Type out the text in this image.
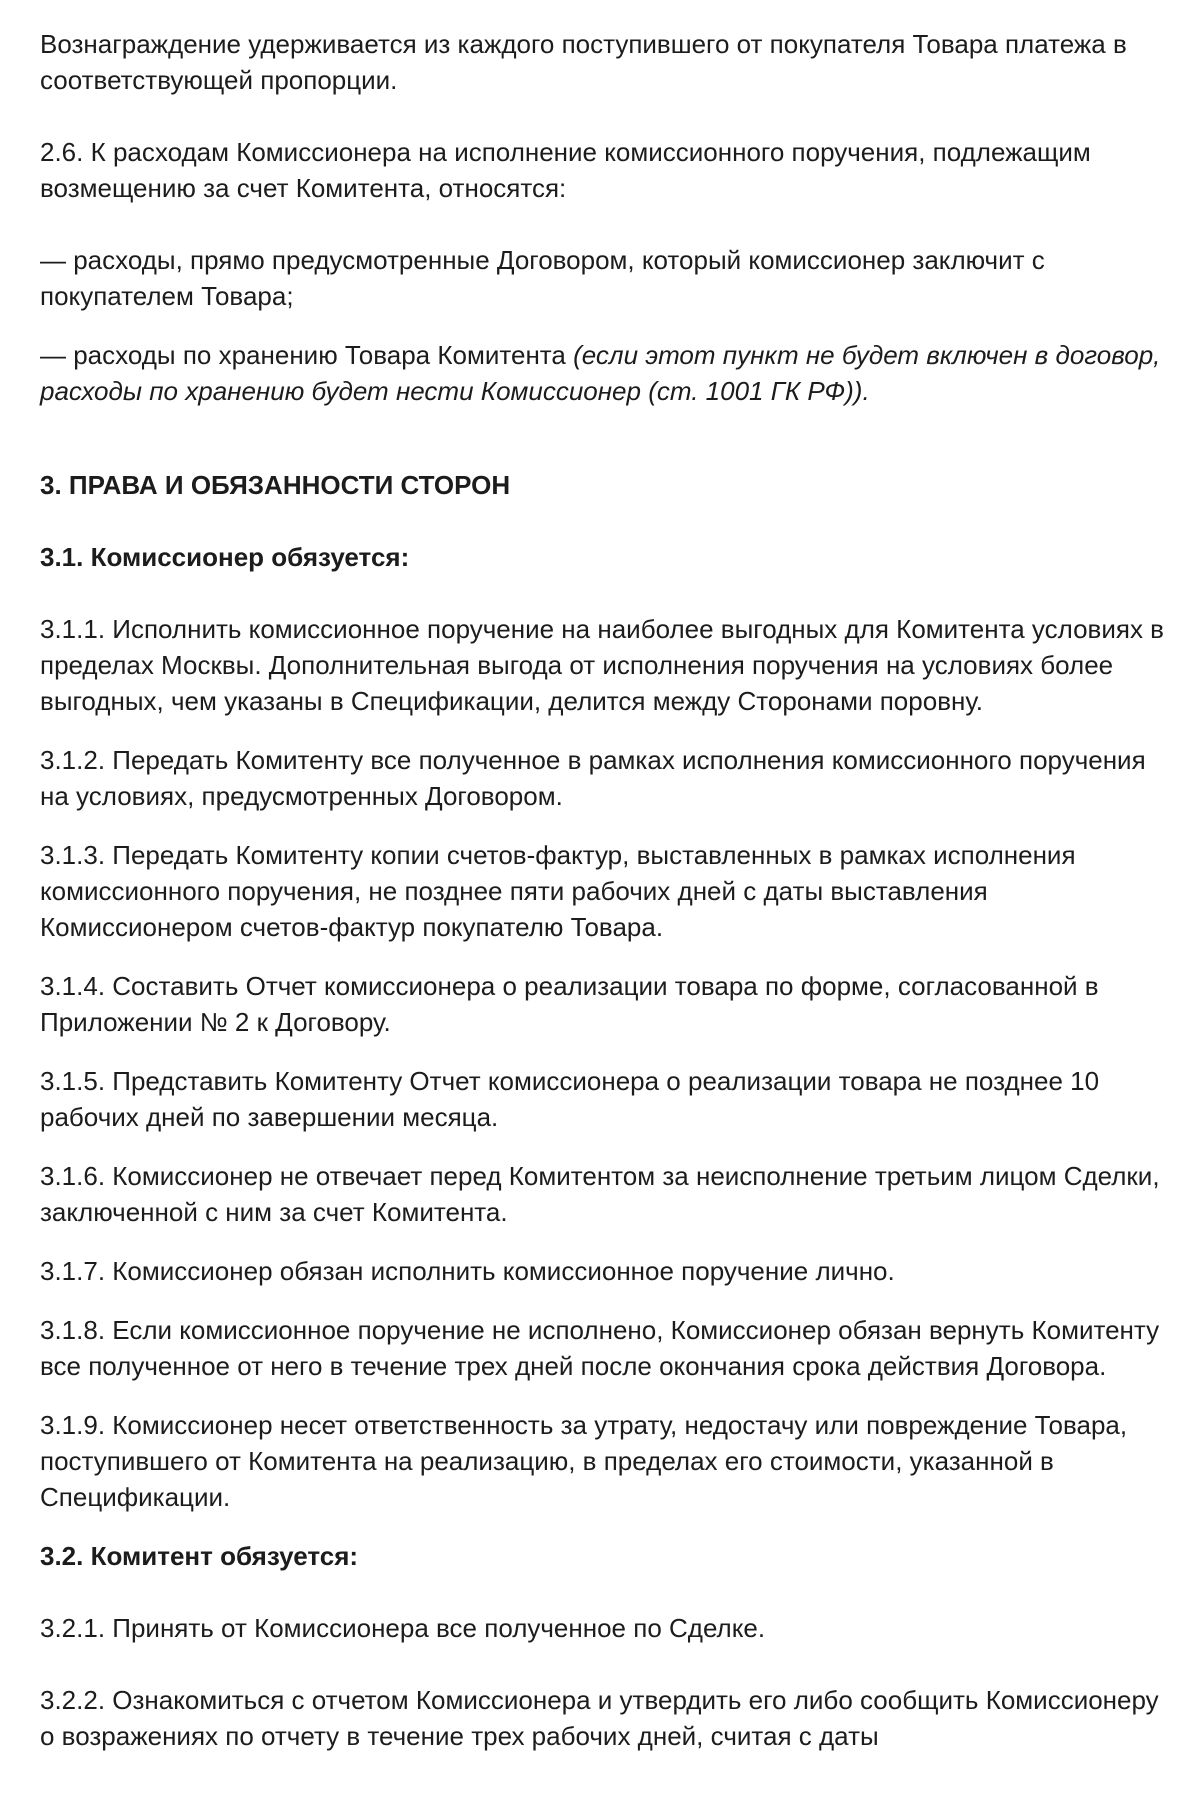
Вознаграждение удерживается из каждого поступившего от покупателя Товара платежа в соответствующей пропорции.

2.6. К расходам Комиссионера на исполнение комиссионного поручения, подлежащим возмещению за счет Комитента, относятся:

— расходы, прямо предусмотренные Договором, который комиссионер заключит с покупателем Товара;

— расходы по хранению Товара Комитента (если этот пункт не будет включен в договор, расходы по хранению будет нести Комиссионер (ст. 1001 ГК РФ)).

3. ПРАВА И ОБЯЗАННОСТИ СТОРОН

3.1. Комиссионер обязуется:

3.1.1. Исполнить комиссионное поручение на наиболее выгодных для Комитента условиях в пределах Москвы. Дополнительная выгода от исполнения поручения на условиях более выгодных, чем указаны в Спецификации, делится между Сторонами поровну.

3.1.2. Передать Комитенту все полученное в рамках исполнения комиссионного поручения на условиях, предусмотренных Договором.

3.1.3. Передать Комитенту копии счетов-фактур, выставленных в рамках исполнения комиссионного поручения, не позднее пяти рабочих дней с даты выставления Комиссионером счетов-фактур покупателю Товара.

3.1.4. Составить Отчет комиссионера о реализации товара по форме, согласованной в Приложении № 2 к Договору.

3.1.5. Представить Комитенту Отчет комиссионера о реализации товара не позднее 10 рабочих дней по завершении месяца.

3.1.6. Комиссионер не отвечает перед Комитентом за неисполнение третьим лицом Сделки, заключенной с ним за счет Комитента.

3.1.7. Комиссионер обязан исполнить комиссионное поручение лично.

3.1.8. Если комиссионное поручение не исполнено, Комиссионер обязан вернуть Комитенту все полученное от него в течение трех дней после окончания срока действия Договора.

3.1.9. Комиссионер несет ответственность за утрату, недостачу или повреждение Товара, поступившего от Комитента на реализацию, в пределах его стоимости, указанной в Спецификации.

3.2. Комитент обязуется:

3.2.1. Принять от Комиссионера все полученное по Сделке.

3.2.2. Ознакомиться с отчетом Комиссионера и утвердить его либо сообщить Комиссионеру о возражениях по отчету в течение трех рабочих дней, считая с даты
